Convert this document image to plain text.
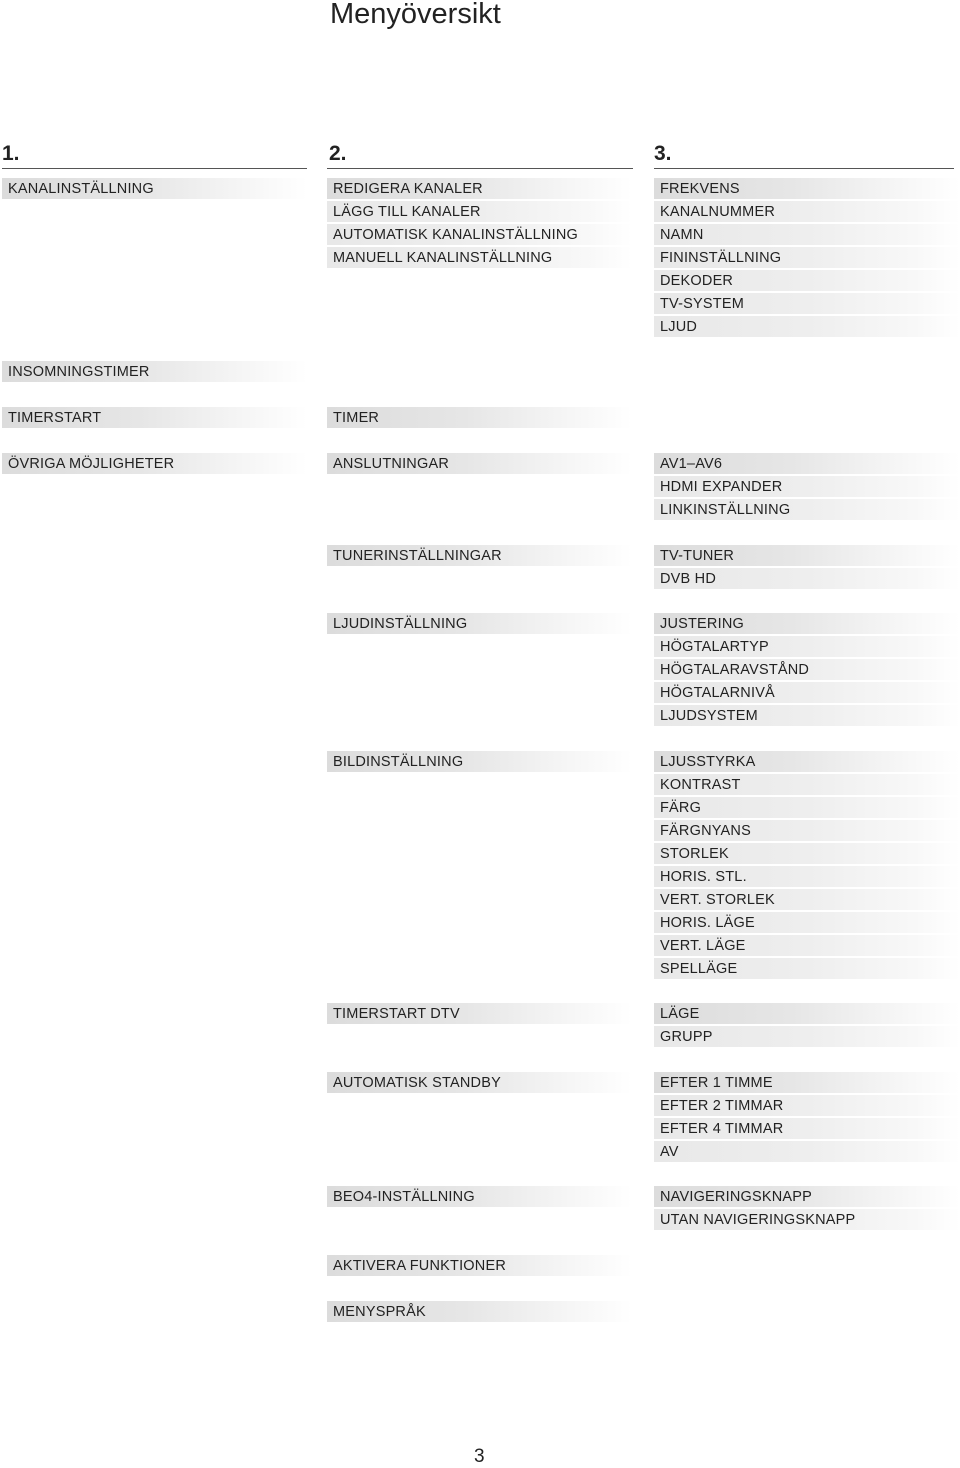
Menyöversikt
1.	2.	3.
KANALINSTÄLLNING
INSOMNINGSTIMER
TIMERSTART
ÖVRIGA MÖJLIGHETER
REDIGERA KANALER
LÄGG TILL KANALER
AUTOMATISK KANALINSTÄLLNING
MANUELL KANALINSTÄLLNING
TIMER
ANSLUTNINGAR
TUNERINSTÄLLNINGAR
LJUDINSTÄLLNING
BILDINSTÄLLNING
TIMERSTART DTV
AUTOMATISK STANDBY
BEO4-INSTÄLLNING
AKTIVERA FUNKTIONER
MENYSPRÅK
FREKVENS
KANALNUMMER
NAMN
FININSTÄLLNING
DEKODER
TV-SYSTEM
LJUD
AV1–AV6
HDMI EXPANDER
LINKINSTÄLLNING
TV-TUNER
DVB HD
JUSTERING
HÖGTALARTYP
HÖGTALARAVSTÅND
HÖGTALARNIVÅ
LJUDSYSTEM
LJUSSTYRKA
KONTRAST
FÄRG
FÄRGNYANS
STORLEK
HORIS. STL.
VERT. STORLEK
HORIS. LÄGE
VERT. LÄGE
SPELLÄGE
LÄGE
GRUPP
EFTER 1 TIMME
EFTER 2 TIMMAR
EFTER 4 TIMMAR
AV
NAVIGERINGSKNAPP
UTAN NAVIGERINGSKNAPP
3
